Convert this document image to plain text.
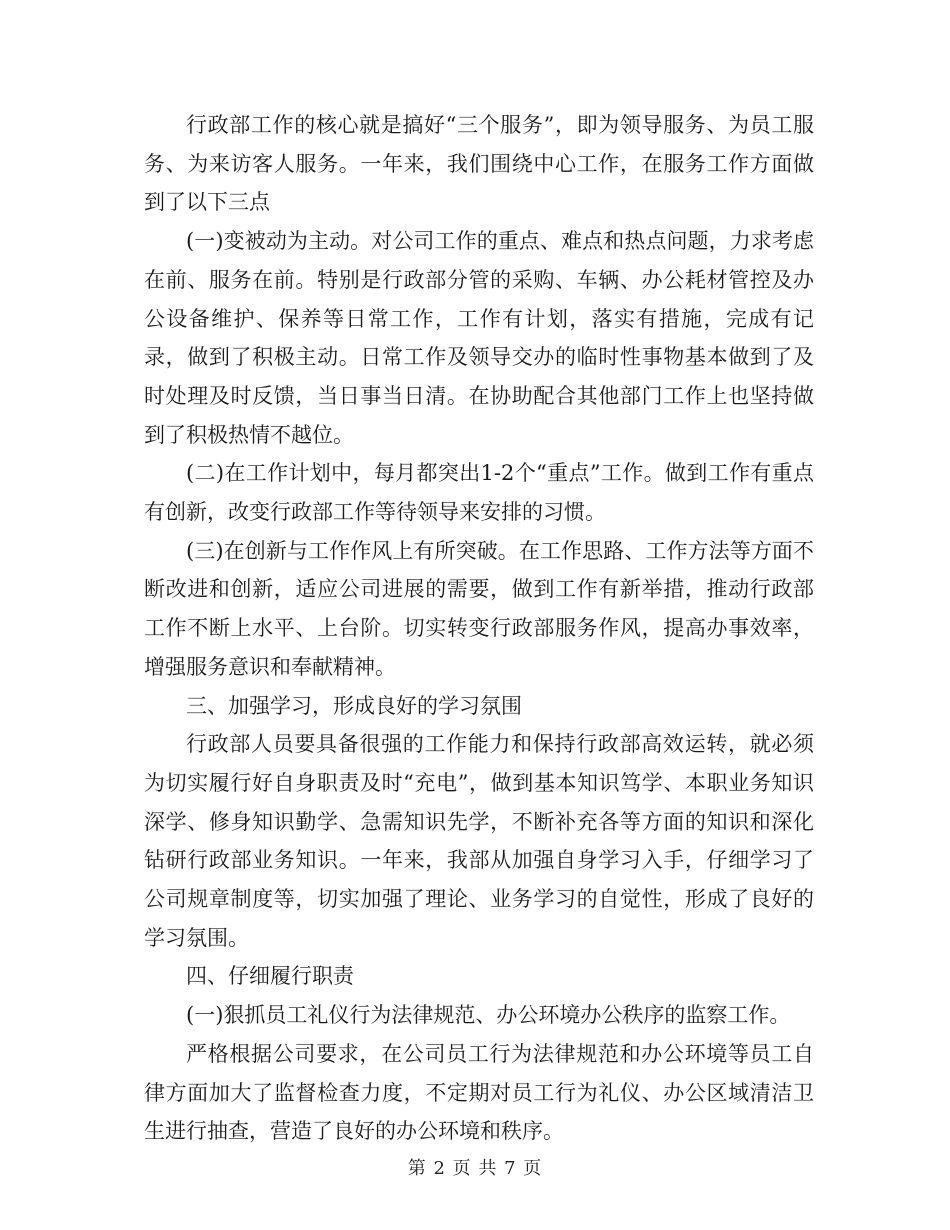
行政部工作的核心就是搞好“三个服务”，即为领导服务、为员工服务、为来访客人服务。一年来，我们围绕中心工作，在服务工作方面做到了以下三点

(一)变被动为主动。对公司工作的重点、难点和热点问题，力求考虑在前、服务在前。特别是行政部分管的采购、车辆、办公耗材管控及办公设备维护、保养等日常工作，工作有计划，落实有措施，完成有记录，做到了积极主动。日常工作及领导交办的临时性事物基本做到了及时处理及时反馈，当日事当日清。在协助配合其他部门工作上也坚持做到了积极热情不越位。

(二)在工作计划中，每月都突出1-2个“重点”工作。做到工作有重点有创新，改变行政部工作等待领导来安排的习惯。

(三)在创新与工作作风上有所突破。在工作思路、工作方法等方面不断改进和创新，适应公司进展的需要，做到工作有新举措，推动行政部工作不断上水平、上台阶。切实转变行政部服务作风，提高办事效率，增强服务意识和奉献精神。

三、加强学习，形成良好的学习氛围

行政部人员要具备很强的工作能力和保持行政部高效运转，就必须为切实履行好自身职责及时“充电”，做到基本知识笃学、本职业务知识深学、修身知识勤学、急需知识先学，不断补充各等方面的知识和深化钻研行政部业务知识。一年来，我部从加强自身学习入手，仔细学习了公司规章制度等，切实加强了理论、业务学习的自觉性，形成了良好的学习氛围。

四、仔细履行职责

(一)狠抓员工礼仪行为法律规范、办公环境办公秩序的监察工作。

严格根据公司要求，在公司员工行为法律规范和办公环境等员工自律方面加大了监督检查力度，不定期对员工行为礼仪、办公区域清洁卫生进行抽查，营造了良好的办公环境和秩序。

第 2 页 共 7 页
